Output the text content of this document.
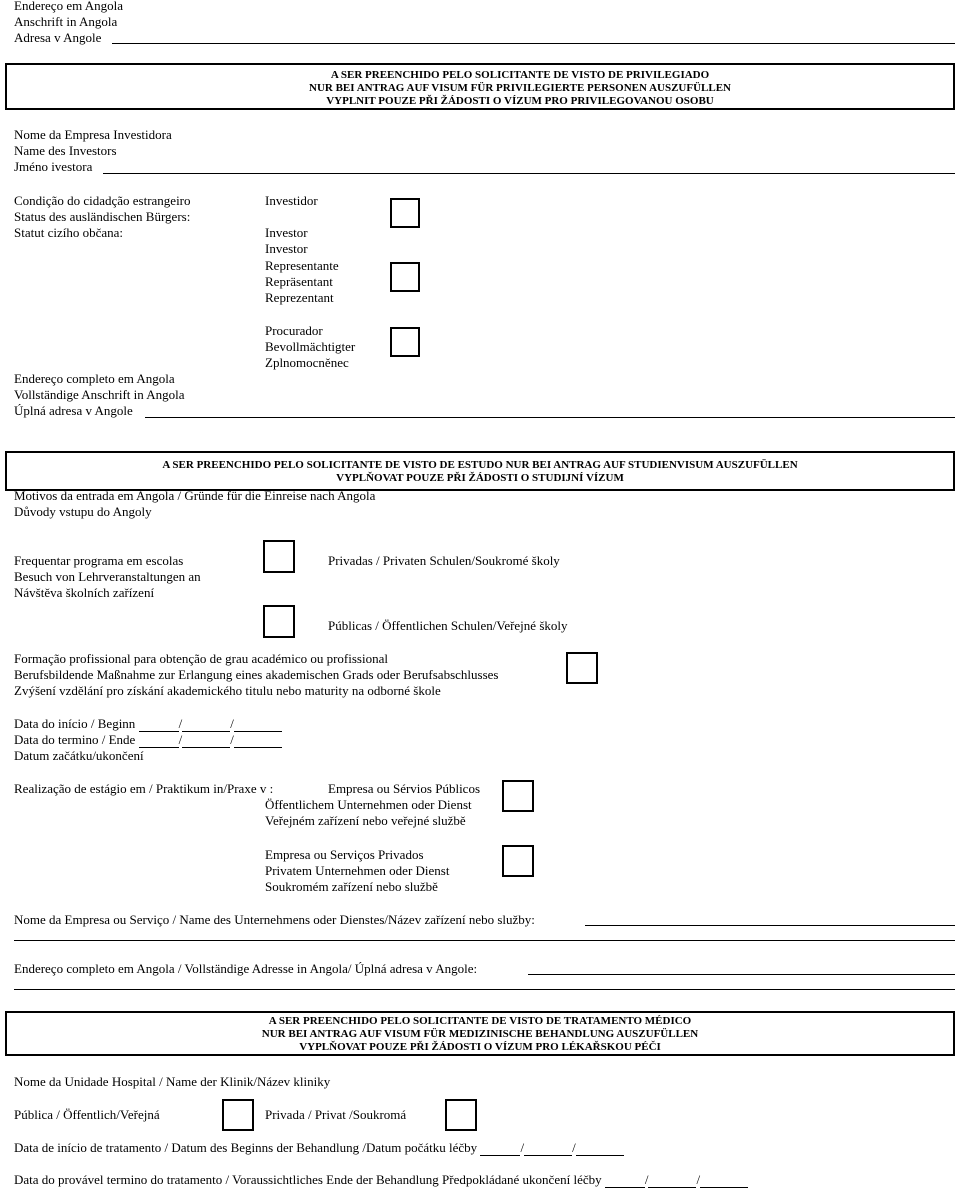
Endereço em Angola
Anschrift in Angola
Adresa v Angole
A SER PREENCHIDO PELO SOLICITANTE DE VISTO DE PRIVILEGIADO
NUR BEI ANTRAG AUF VISUM FÜR PRIVILEGIERTE PERSONEN AUSZUFÜLLEN
VYPLNIT POUZE PŘI ŽÁDOSTI O VÍZUM PRO PRIVILEGOVANOU OSOBU
Nome da Empresa Investidora
Name des Investors
Jméno ivestora
Condição do cidadção estrangeiro
Status des ausländischen Bürgers:
Statut cizího občana:
Investidor
Investor
Investor
Representante
Repräsentant
Reprezentant
Procurador
Bevollmächtigter
Zplnomocněnec
Endereço completo em Angola
Vollständige Anschrift in Angola
Úplná adresa v Angole
A SER PREENCHIDO PELO SOLICITANTE DE VISTO DE ESTUDO NUR BEI ANTRAG AUF STUDIENVISUM AUSZUFÜLLEN
VYPLŇOVAT POUZE PŘI ŽÁDOSTI O STUDIJNÍ VÍZUM
Motivos da entrada em Angola / Gründe für die Einreise nach Angola
Důvody vstupu do Angoly
Frequentar programa em escolas
Besuch von Lehrveranstaltungen an
Návštěva školních zařízení
Privadas / Privaten Schulen/Soukromé školy
Públicas / Öffentlichen Schulen/Veřejné školy
Formação profissional para obtenção de grau académico ou profissional
Berufsbildende Maßnahme zur Erlangung eines akademischen Grads oder Berufsabschlusses
Zvýšení vzdělání pro získání akademického titulu nebo maturity na odborné škole
Data do início / Beginn	/	/
Data do termino / Ende	/	/
Datum začátku/ukončení
Realização de estágio em / Praktikum in/Praxe v :	Empresa ou Sérvios Públicos
Öffentlichem Unternehmen oder Dienst
Veřejném zařízení nebo veřejné službě
Empresa ou Serviços Privados
Privatem Unternehmen oder Dienst
Soukromém zařízení nebo službě
Nome da Empresa ou Serviço / Name des Unternehmens oder Dienstes/Název zařízení nebo služby:
Endereço completo em Angola / Vollständige Adresse in Angola/ Úplná adresa v Angole:
A SER PREENCHIDO PELO SOLICITANTE DE VISTO DE TRATAMENTO MÉDICO
NUR BEI ANTRAG AUF VISUM FÜR MEDIZINISCHE BEHANDLUNG AUSZUFÜLLEN
VYPLŇOVAT POUZE PŘI ŽÁDOSTI O VÍZUM PRO LÉKAŘSKOU PÉČI
Nome da Unidade Hospital / Name der Klinik/Název kliniky
Pública / Öffentlich/Veřejná	Privada / Privat /Soukromá
Data de início de tratamento / Datum des Beginns der Behandlung /Datum počátku léčby	/	/
Data do provável termino do tratamento / Voraussichtliches Ende der Behandlung Předpokládané ukončení léčby	/	/
